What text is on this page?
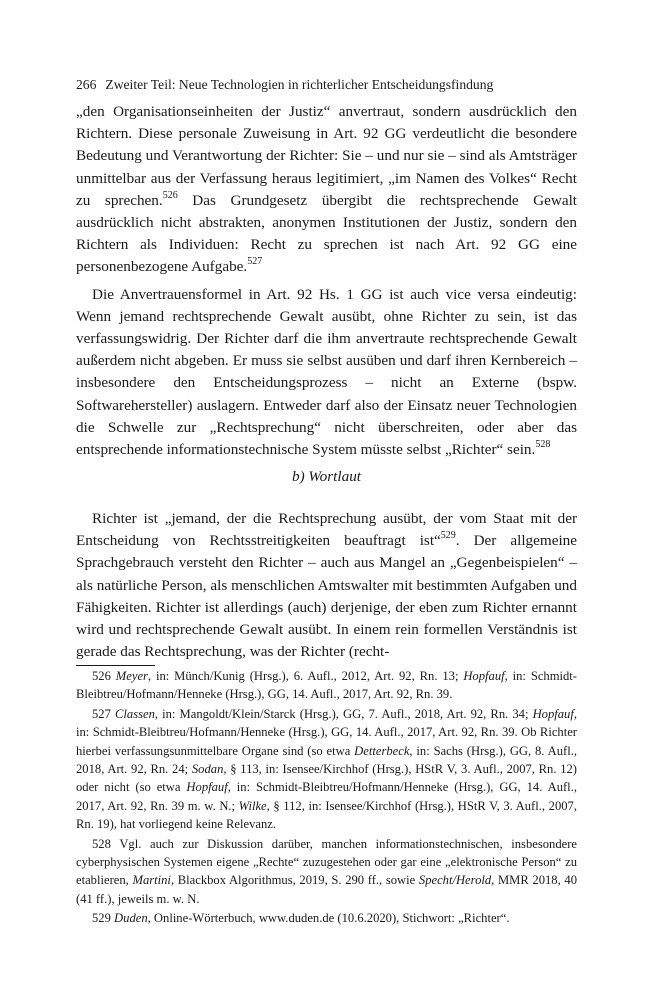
266 Zweiter Teil: Neue Technologien in richterlicher Entscheidungsfindung

„den Organisationseinheiten der Justiz“ anvertraut, sondern ausdrücklich den Richtern. Diese personale Zuweisung in Art. 92 GG verdeutlicht die besondere Bedeutung und Verantwortung der Richter: Sie – und nur sie – sind als Amtsträger unmittelbar aus der Verfassung heraus legitimiert, „im Namen des Volkes“ Recht zu sprechen.$^{526}$ Das Grundgesetz übergibt die rechtsprechende Gewalt ausdrücklich nicht abstrakten, anonymen Institutionen der Justiz, sondern den Richtern als Individuen: Recht zu sprechen ist nach Art. 92 GG eine personenbezogene Aufgabe.$^{527}$

Die Anvertrauensformel in Art. 92 Hs. 1 GG ist auch vice versa eindeutig: Wenn jemand rechtsprechende Gewalt ausübt, ohne Richter zu sein, ist das verfassungswidrig. Der Richter darf die ihm anvertraute rechtsprechende Gewalt außerdem nicht abgeben. Er muss sie selbst ausüben und darf ihren Kernbereich – insbesondere den Entscheidungsprozess – nicht an Externe (bspw. Softwarehersteller) auslagern. Entweder darf also der Einsatz neuer Technologien die Schwelle zur „Rechtsprechung“ nicht überschreiten, oder aber das entsprechende informationstechnische System müsste selbst „Richter“ sein.$^{528}$

b) Wortlaut

Richter ist „jemand, der die Rechtsprechung ausübt, der vom Staat mit der Entscheidung von Rechtsstreitigkeiten beauftragt ist“$^{529}$. Der allgemeine Sprachgebrauch versteht den Richter – auch aus Mangel an „Gegenbeispielen“ – als natürliche Person, als menschlichen Amtswalter mit bestimmten Aufgaben und Fähigkeiten. Richter ist allerdings (auch) derjenige, der eben zum Richter ernannt wird und rechtsprechende Gewalt ausübt. In einem rein formellen Verständnis ist gerade das Rechtsprechung, was der Richter (recht-

526 Meyer, in: Münch/Kunig (Hrsg.), 6. Aufl., 2012, Art. 92, Rn. 13; Hopfauf, in: Schmidt-Bleibtreu/Hofmann/Henneke (Hrsg.), GG, 14. Aufl., 2017, Art. 92, Rn. 39.

527 Classen, in: Mangoldt/Klein/Starck (Hrsg.), GG, 7. Aufl., 2018, Art. 92, Rn. 34; Hopfauf, in: Schmidt-Bleibtreu/Hofmann/Henneke (Hrsg.), GG, 14. Aufl., 2017, Art. 92, Rn. 39. Ob Richter hierbei verfassungsunmittelbare Organe sind (so etwa Detterbeck, in: Sachs (Hrsg.), GG, 8. Aufl., 2018, Art. 92, Rn. 24; Sodan, § 113, in: Isensee/Kirchhof (Hrsg.), HStR V, 3. Aufl., 2007, Rn. 12) oder nicht (so etwa Hopfauf, in: Schmidt-Bleibtreu/Hofmann/Henneke (Hrsg.), GG, 14. Aufl., 2017, Art. 92, Rn. 39 m. w. N.; Wilke, § 112, in: Isensee/Kirchhof (Hrsg.), HStR V, 3. Aufl., 2007, Rn. 19), hat vorliegend keine Relevanz.

528 Vgl. auch zur Diskussion darüber, manchen informationstechnischen, insbesondere cyberphysischen Systemen eigene „Rechte“ zuzugestehen oder gar eine „elektronische Person“ zu etablieren, Martini, Blackbox Algorithmus, 2019, S. 290 ff., sowie Specht/Herold, MMR 2018, 40 (41 ff.), jeweils m. w. N.

529 Duden, Online-Wörterbuch, www.duden.de (10.6.2020), Stichwort: „Richter“.
